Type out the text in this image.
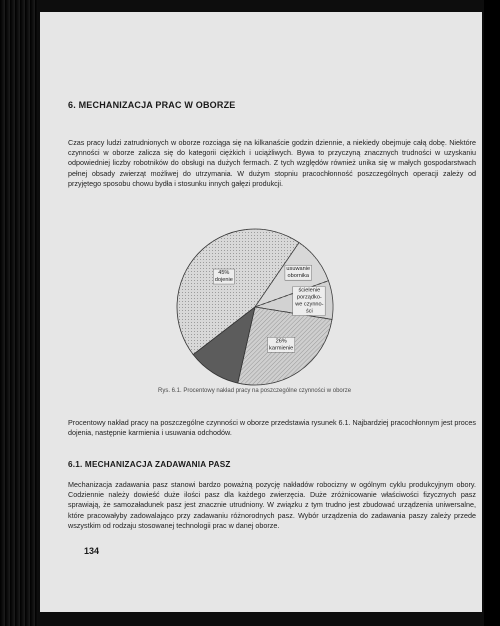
6. MECHANIZACJA PRAC W OBORZE

Czas pracy ludzi zatrudnionych w oborze rozciąga się na kilkanaście godzin dziennie, a niekiedy obejmuje całą dobę. Niektóre czynności w oborze zalicza się do kategorii ciężkich i uciążliwych. Bywa to przyczyną znacznych trudności w uzyskaniu odpowiedniej liczby robotników do obsługi na dużych fermach. Z tych względów również unika się w małych gospodarstwach pełnej obsady zwierząt możliwej do utrzymania. W dużym stopniu pracochłonność poszczególnych operacji zależy od przyjętego sposobu chowu bydła i stosunku innych gałęzi produkcji.

45% dojenie
usuwanie obornika
ścielenie porządko-we czynno-ści
26% karmienie
Rys. 6.1. Procentowy nakład pracy na poszczególne czynności w oborze

Procentowy nakład pracy na poszczególne czynności w oborze przedstawia rysunek 6.1. Najbardziej pracochłonnym jest proces dojenia, następnie karmienia i usuwania odchodów.

6.1. MECHANIZACJA ZADAWANIA PASZ

Mechanizacja zadawania pasz stanowi bardzo poważną pozycję nakładów robocizny w ogólnym cyklu produkcyjnym obory. Codziennie należy dowieść duże ilości pasz dla każdego zwierzęcia. Duże zróżnicowanie właściwości fizycznych pasz sprawiają, że samozaładunek pasz jest znacznie utrudniony. W związku z tym trudno jest zbudować urządzenia uniwersalne, które pracowałyby zadowalająco przy zadawaniu różnorodnych pasz. Wybór urządzenia do zadawania paszy zależy przede wszystkim od rodzaju stosowanej technologii prac w danej oborze.

134
